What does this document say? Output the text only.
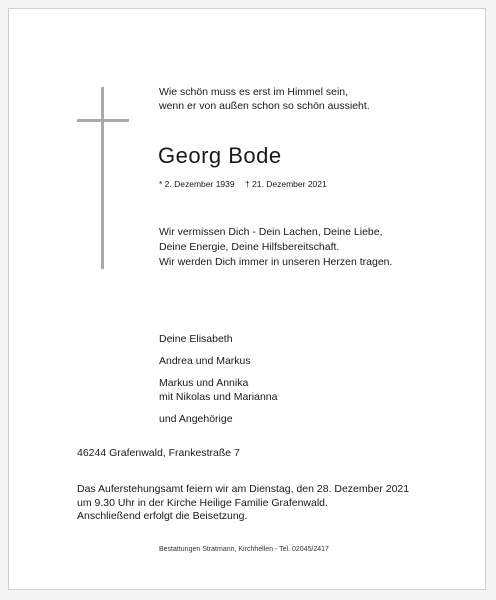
Wie schön muss es erst im Himmel sein,
wenn er von außen schon so schön aussieht.
Georg Bode
* 2. Dezember 1939 † 21. Dezember 2021
Wir vermissen Dich - Dein Lachen, Deine Liebe,
Deine Energie, Deine Hilfsbereitschaft.
Wir werden Dich immer in unseren Herzen tragen.
Deine Elisabeth
Andrea und Markus
Markus und Annika
mit Nikolas und Marianna
und Angehörige
46244 Grafenwald, Frankestraße 7
Das Auferstehungsamt feiern wir am Dienstag, den 28. Dezember 2021
um 9.30 Uhr in der Kirche Heilige Familie Grafenwald.
Anschließend erfolgt die Beisetzung.
Bestattungen Stratmann, Kirchhellen - Tel. 02045/2417
